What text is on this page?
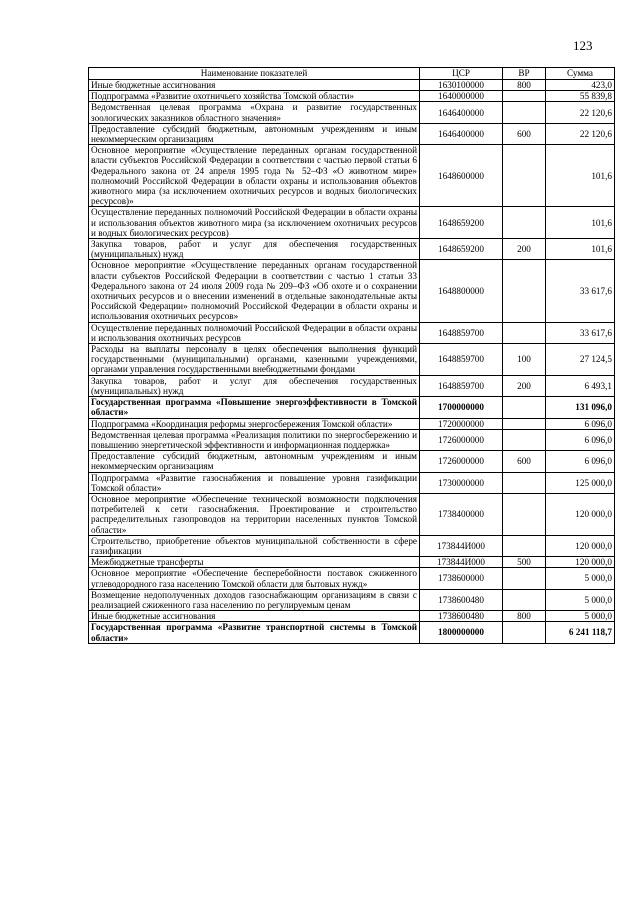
123
Наименование показателей	ЦСР	ВР	Сумма
Иные бюджетные ассигнования	1630100000	800	423,0
Подпрограмма «Развитие охотничьего хозяйства Томской области»	1640000000		55 839,8
Ведомственная целевая программа «Охрана и развитие государственных зоологических заказников областного значения»	1646400000		22 120,6
Предоставление субсидий бюджетным, автономным учреждениям и иным некоммерческим организациям	1646400000	600	22 120,6
Основное мероприятие «Осуществление переданных органам государственной власти субъектов Российской Федерации в соответствии с частью первой статьи 6 Федерального закона от 24 апреля 1995 года № 52–ФЗ «О животном мире» полномочий Российской Федерации в области охраны и использования объектов животного мира (за исключением охотничьих ресурсов и водных биологических ресурсов)»	1648600000		101,6
Осуществление переданных полномочий Российской Федерации в области охраны и использования объектов животного мира (за исключением охотничьих ресурсов и водных биологических ресурсов)	1648659200		101,6
Закупка товаров, работ и услуг для обеспечения государственных (муниципальных) нужд	1648659200	200	101,6
Основное мероприятие «Осуществление переданных органам государственной власти субъектов Российской Федерации в соответствии с частью 1 статьи 33 Федерального закона от 24 июля 2009 года № 209–ФЗ «Об охоте и о сохранении охотничьих ресурсов и о внесении изменений в отдельные законодательные акты Российской Федерации» полномочий Российской Федерации в области охраны и использования охотничьих ресурсов»	1648800000		33 617,6
Осуществление переданных полномочий Российской Федерации в области охраны и использования охотничьих ресурсов	1648859700		33 617,6
Расходы на выплаты персоналу в целях обеспечения выполнения функций государственными (муниципальными) органами, казенными учреждениями, органами управления государственными внебюджетными фондами	1648859700	100	27 124,5
Закупка товаров, работ и услуг для обеспечения государственных (муниципальных) нужд	1648859700	200	6 493,1
Государственная программа «Повышение энергоэффективности в Томской области»	1700000000		131 096,0
Подпрограмма «Координация реформы энергосбережения Томской области»	1720000000		6 096,0
Ведомственная целевая программа «Реализация политики по энергосбережению и повышению энергетической эффективности и информационная поддержка»	1726000000		6 096,0
Предоставление субсидий бюджетным, автономным учреждениям и иным некоммерческим организациям	1726000000	600	6 096,0
Подпрограмма «Развитие газоснабжения и повышение уровня газификации Томской области»	1730000000		125 000,0
Основное мероприятие «Обеспечение технической возможности подключения потребителей к сети газоснабжения. Проектирование и строительство распределительных газопроводов на территории населенных пунктов Томской области»	1738400000		120 000,0
Строительство, приобретение объектов муниципальной собственности в сфере газификации	173844И000		120 000,0
Межбюджетные трансферты	173844И000	500	120 000,0
Основное мероприятие «Обеспечение бесперебойности поставок сжиженного углеводородного газа населению Томской области для бытовых нужд»	1738600000		5 000,0
Возмещение недополученных доходов газоснабжающим организациям в связи с реализацией сжиженного газа населению по регулируемым ценам	1738600480		5 000,0
Иные бюджетные ассигнования	1738600480	800	5 000,0
Государственная программа «Развитие транспортной системы в Томской области»	1800000000		6 241 118,7
